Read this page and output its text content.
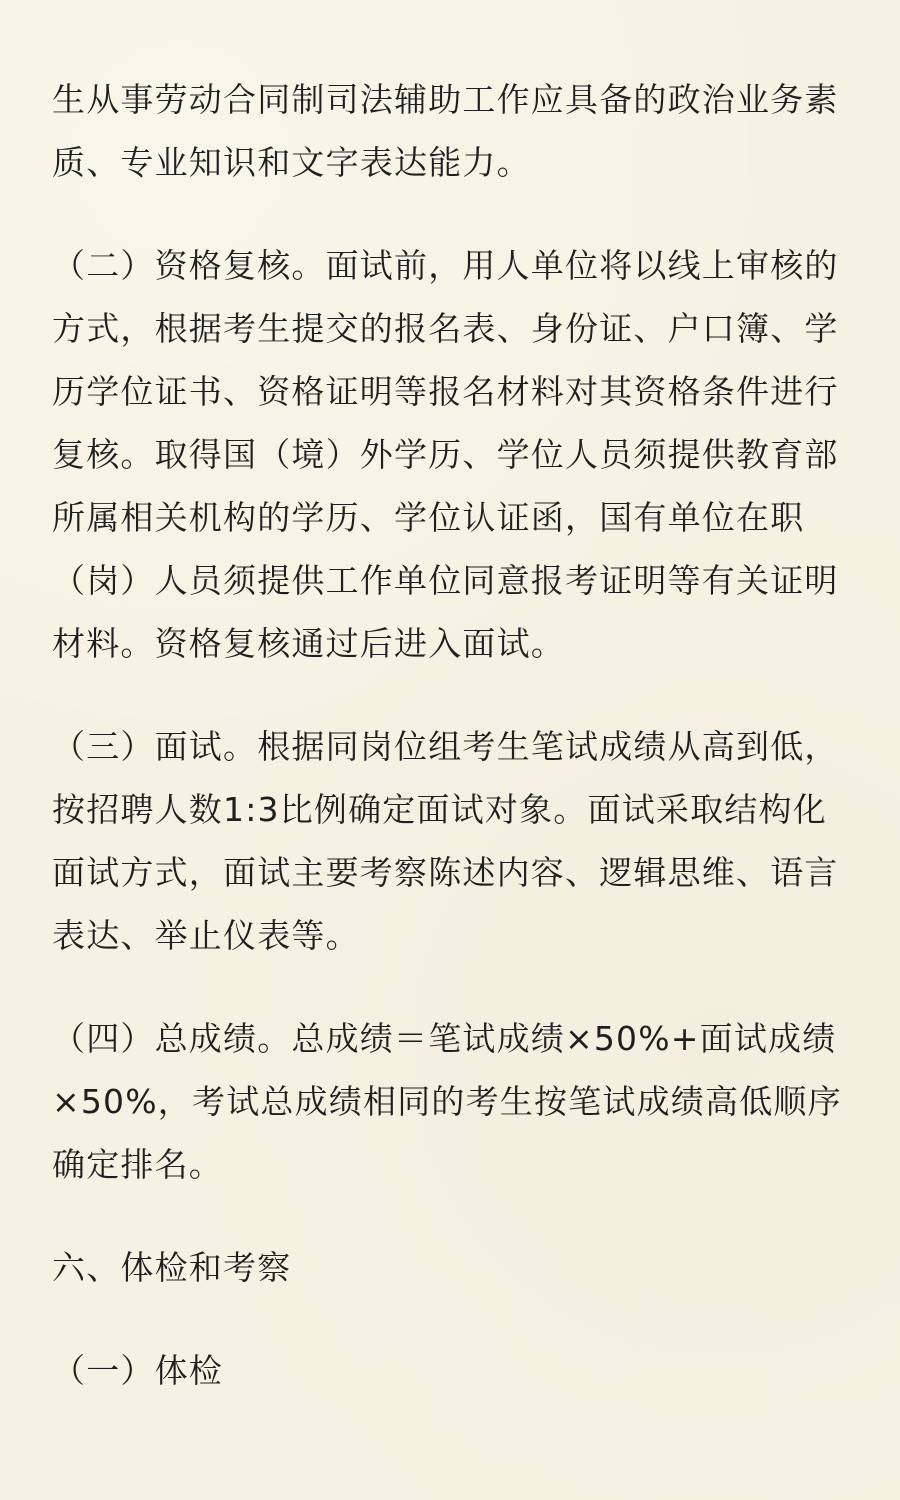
生从事劳动合同制司法辅助工作应具备的政治业务素质、专业知识和文字表达能力。

（二）资格复核。面试前，用人单位将以线上审核的方式，根据考生提交的报名表、身份证、户口簿、学历学位证书、资格证明等报名材料对其资格条件进行复核。取得国（境）外学历、学位人员须提供教育部所属相关机构的学历、学位认证函，国有单位在职（岗）人员须提供工作单位同意报考证明等有关证明材料。资格复核通过后进入面试。

（三）面试。根据同岗位组考生笔试成绩从高到低，按招聘人数1:3比例确定面试对象。面试采取结构化面试方式，面试主要考察陈述内容、逻辑思维、语言表达、举止仪表等。

（四）总成绩。总成绩＝笔试成绩×50%+面试成绩×50%，考试总成绩相同的考生按笔试成绩高低顺序确定排名。

六、体检和考察
（一）体检
